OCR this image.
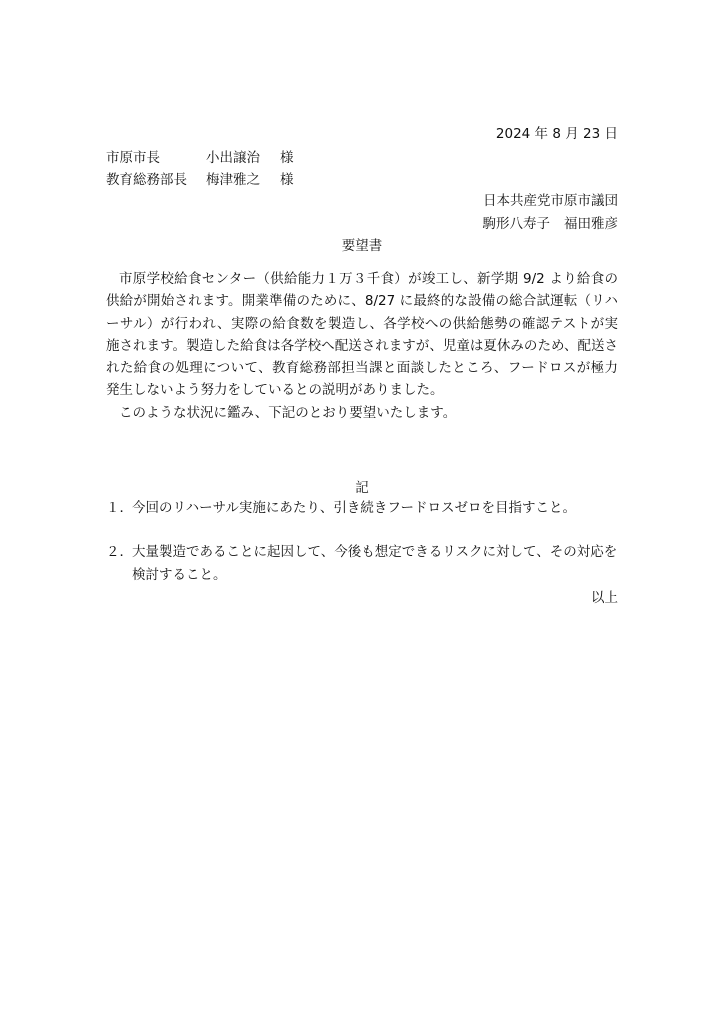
2024 年 8 月 23 日
市原市長	小出譲治 様
教育総務部長 梅津雅之 様
日本共産党市原市議団
駒形八寿子 福田雅彦
要望書

市原学校給食センター（供給能力１万３千食）が竣工し、新学期 9/2 より給食の供給が開始されます。開業準備のために、8/27 に最終的な設備の総合試運転（リハーサル）が行われ、実際の給食数を製造し、各学校への供給態勢の確認テストが実施されます。製造した給食は各学校へ配送されますが、児童は夏休みのため、配送された給食の処理について、教育総務部担当課と面談したところ、フードロスが極力発生しないよう努力をしているとの説明がありました。

このような状況に鑑み、下記のとおり要望いたします。

記
１． 今回のリハーサル実施にあたり、引き続きフードロスゼロを目指すこと。
２． 大量製造であることに起因して、今後も想定できるリスクに対して、その対応を検討すること。
以上
